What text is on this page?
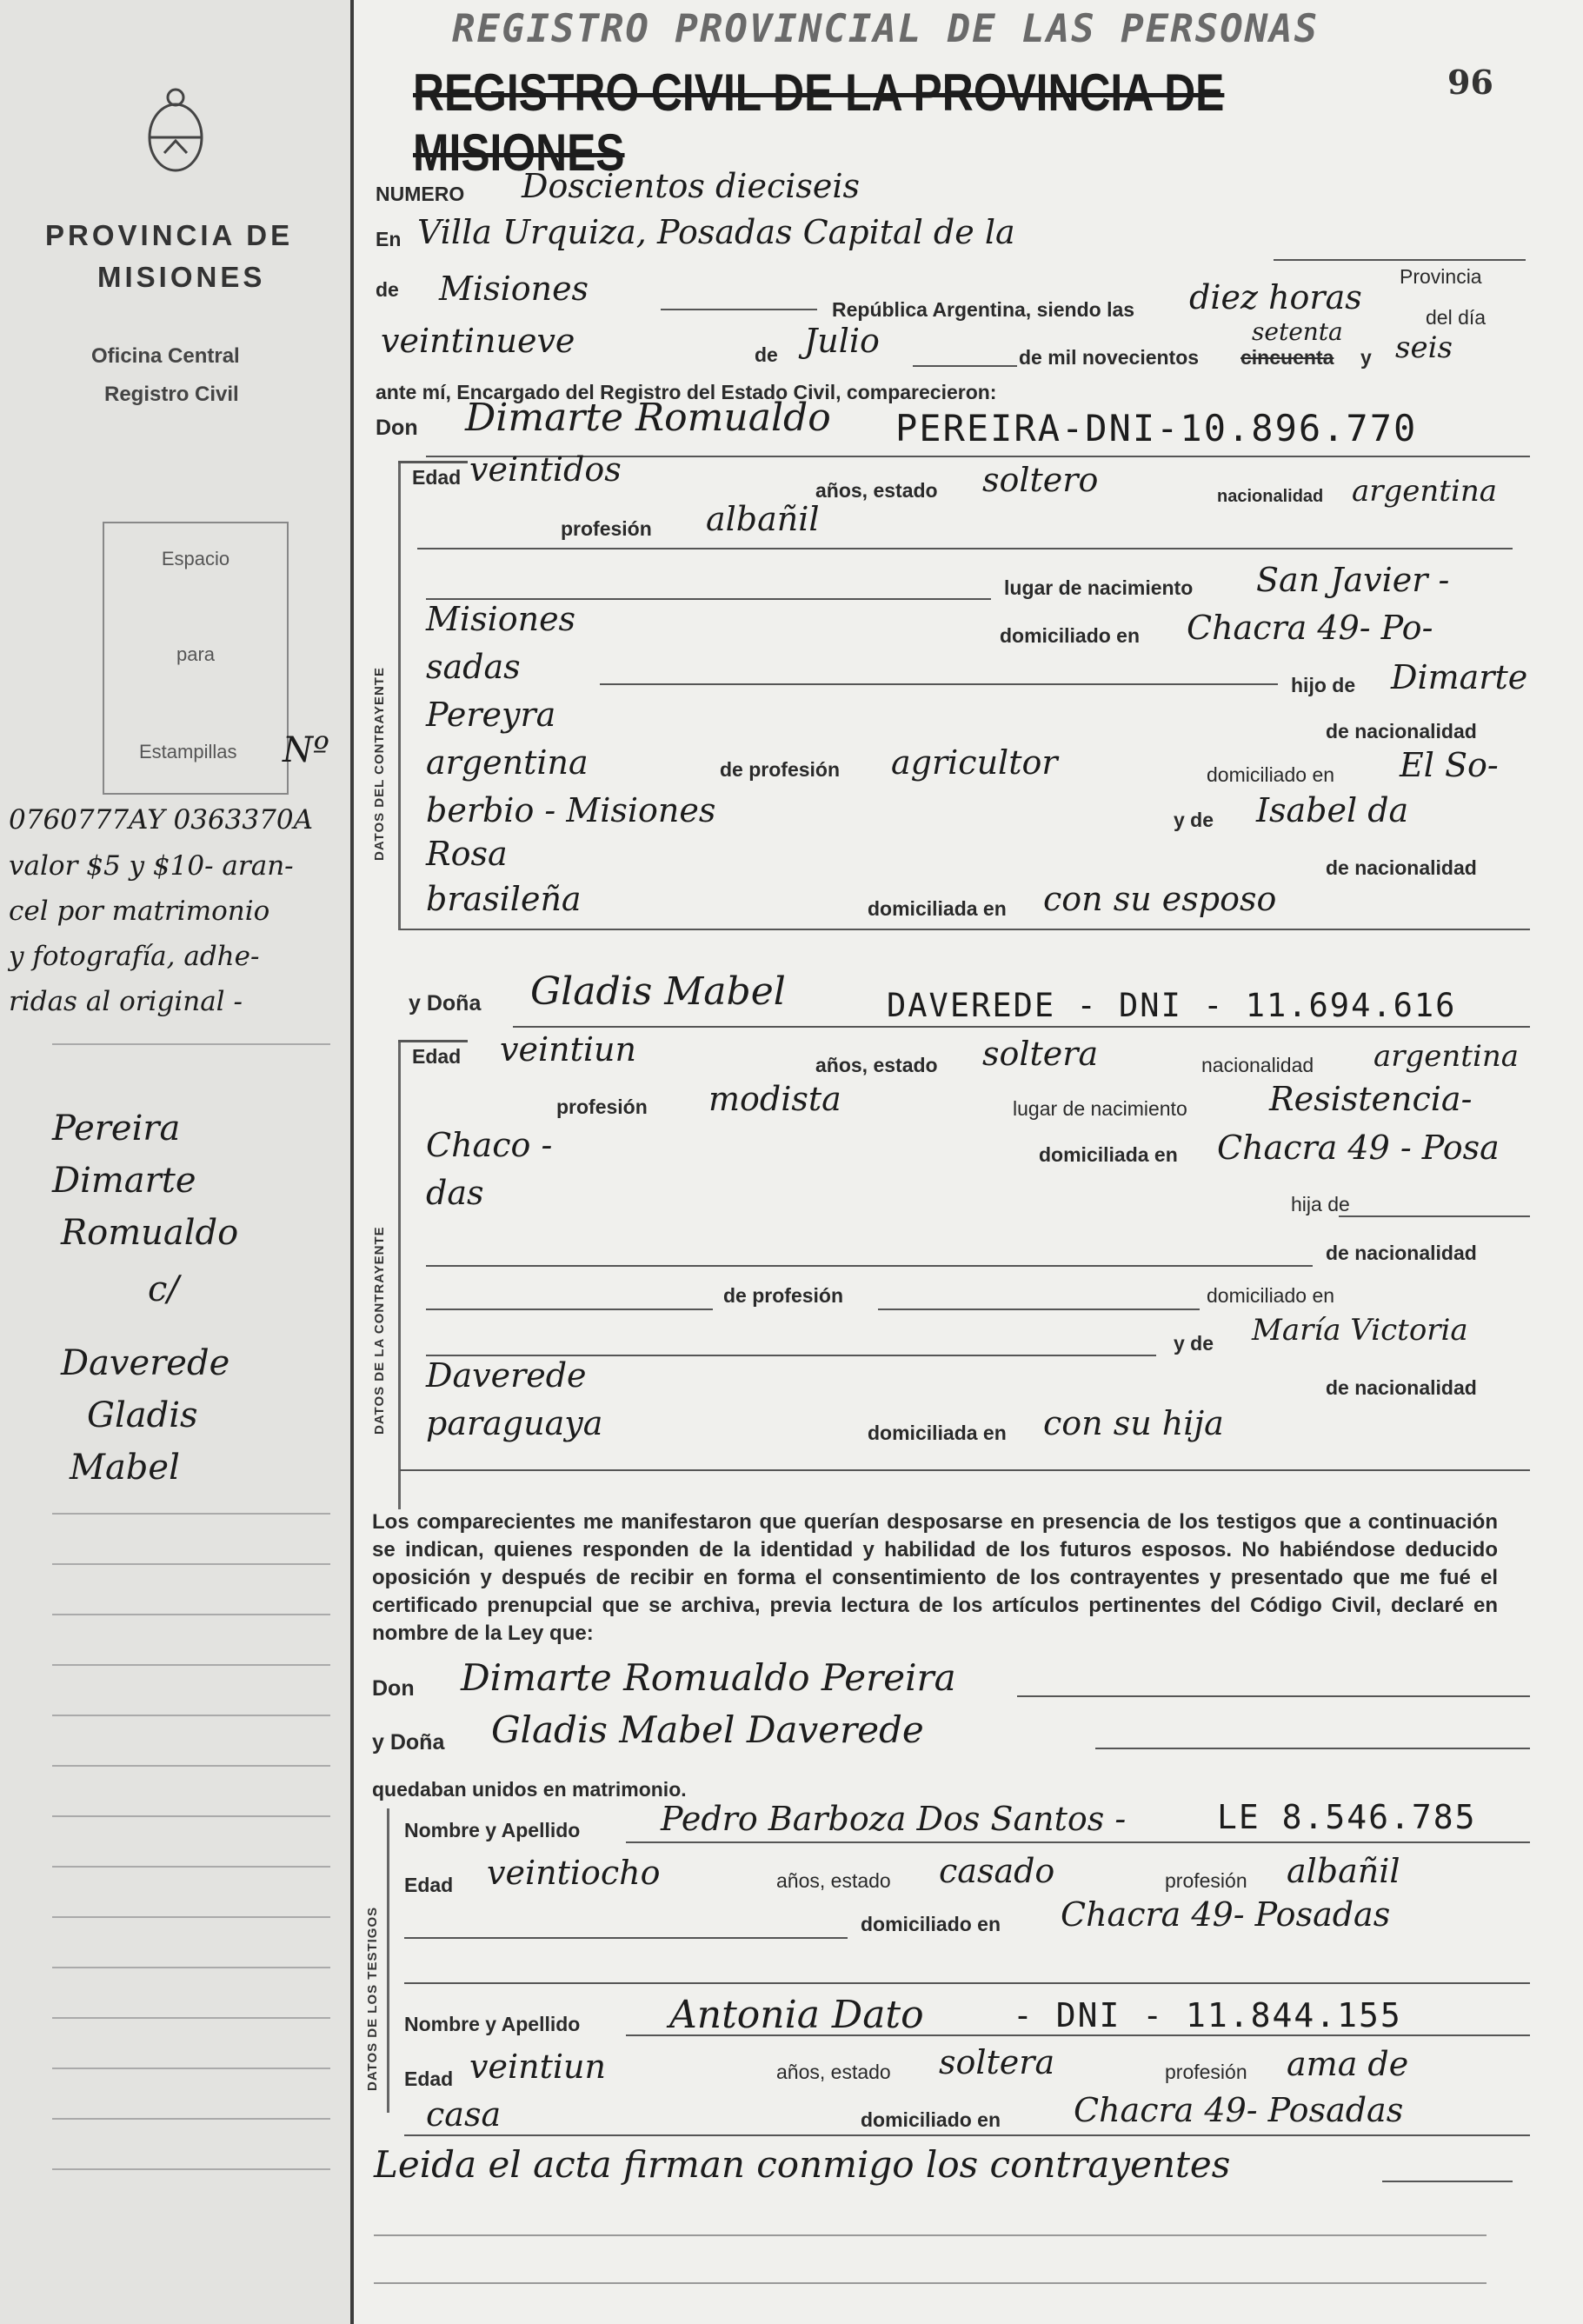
PROVINCIA DE
MISIONES
Oficina Central
Registro Civil
Espacio
para
Estampillas Nº
0760777AY 0363370A
valor $5 y $10- aran-
cel por matrimonio
y fotografía, adhe-
ridas al original -
Pereira
Dimarte
Romualdo
c/
Daverede
Gladis
Mabel
REGISTRO PROVINCIAL DE LAS PERSONAS
REGISTRO CIVIL DE LA PROVINCIA DE MISIONES
96
NUMERO Doscientos dieciseis
En Villa Urquiza, Posadas Capital de la
Provincia
de Misiones
República Argentina, siendo las diez horas
del día
veintinueve	de Julio	de mil novecientos cincuenta
setenta
y seis
ante mí, Encargado del Registro del Estado Civil, comparecieron:
Don Dimarte Romualdo PEREIRA-DNI-10.896.770
DATOS DEL CONTRAYENTE
Edad veintidos
años, estado soltero	nacionalidad argentina
profesión albañil
lugar de nacimiento San Javier -
Misiones	domiciliado en Chacra 49- Po-
sadas	hijo de Dimarte
Pereyra	de nacionalidad
argentina	de profesión agricultor	domiciliado en El So-
berbio - Misiones	y de Isabel da
Rosa	de nacionalidad
brasileña	domiciliada en con su esposo
y Doña Gladis Mabel	DAVEREDE - DNI - 11.694.616
DATOS DE LA CONTRAYENTE
Edad veintiun	años, estado soltera	nacionalidad argentina
profesión modista	lugar de nacimiento Resistencia-
Chaco -	domiciliada en Chacra 49 - Posa
das	hija de
de nacionalidad
de profesión	domiciliado en
y de María Victoria
Daverede	de nacionalidad
paraguaya	domiciliada en con su hija
Los comparecientes me manifestaron que querían desposarse en presencia de los testigos que a continuación se indican, quienes responden de la identidad y habilidad de los futuros esposos. No habiéndose deducido oposición y después de recibir en forma el consentimiento de los contrayentes y presentado que me fué el certificado prenupcial que se archiva, previa lectura de los artículos pertinentes del Código Civil, declaré en nombre de la Ley que:
Don Dimarte Romualdo Pereira
y Doña Gladis Mabel Daverede
quedaban unidos en matrimonio.
DATOS DE LOS TESTIGOS
Nombre y Apellido Pedro Barboza Dos Santos -	LE 8.546.785
Edad veintiocho	años, estado casado	profesión albañil
domiciliado en Chacra 49- Posadas
Nombre y Apellido Antonia Dato	- DNI - 11.844.155
Edad veintiun	años, estado soltera	profesión ama de
casa	domiciliado en Chacra 49- Posadas
Leida el acta firman conmigo los contrayentes
